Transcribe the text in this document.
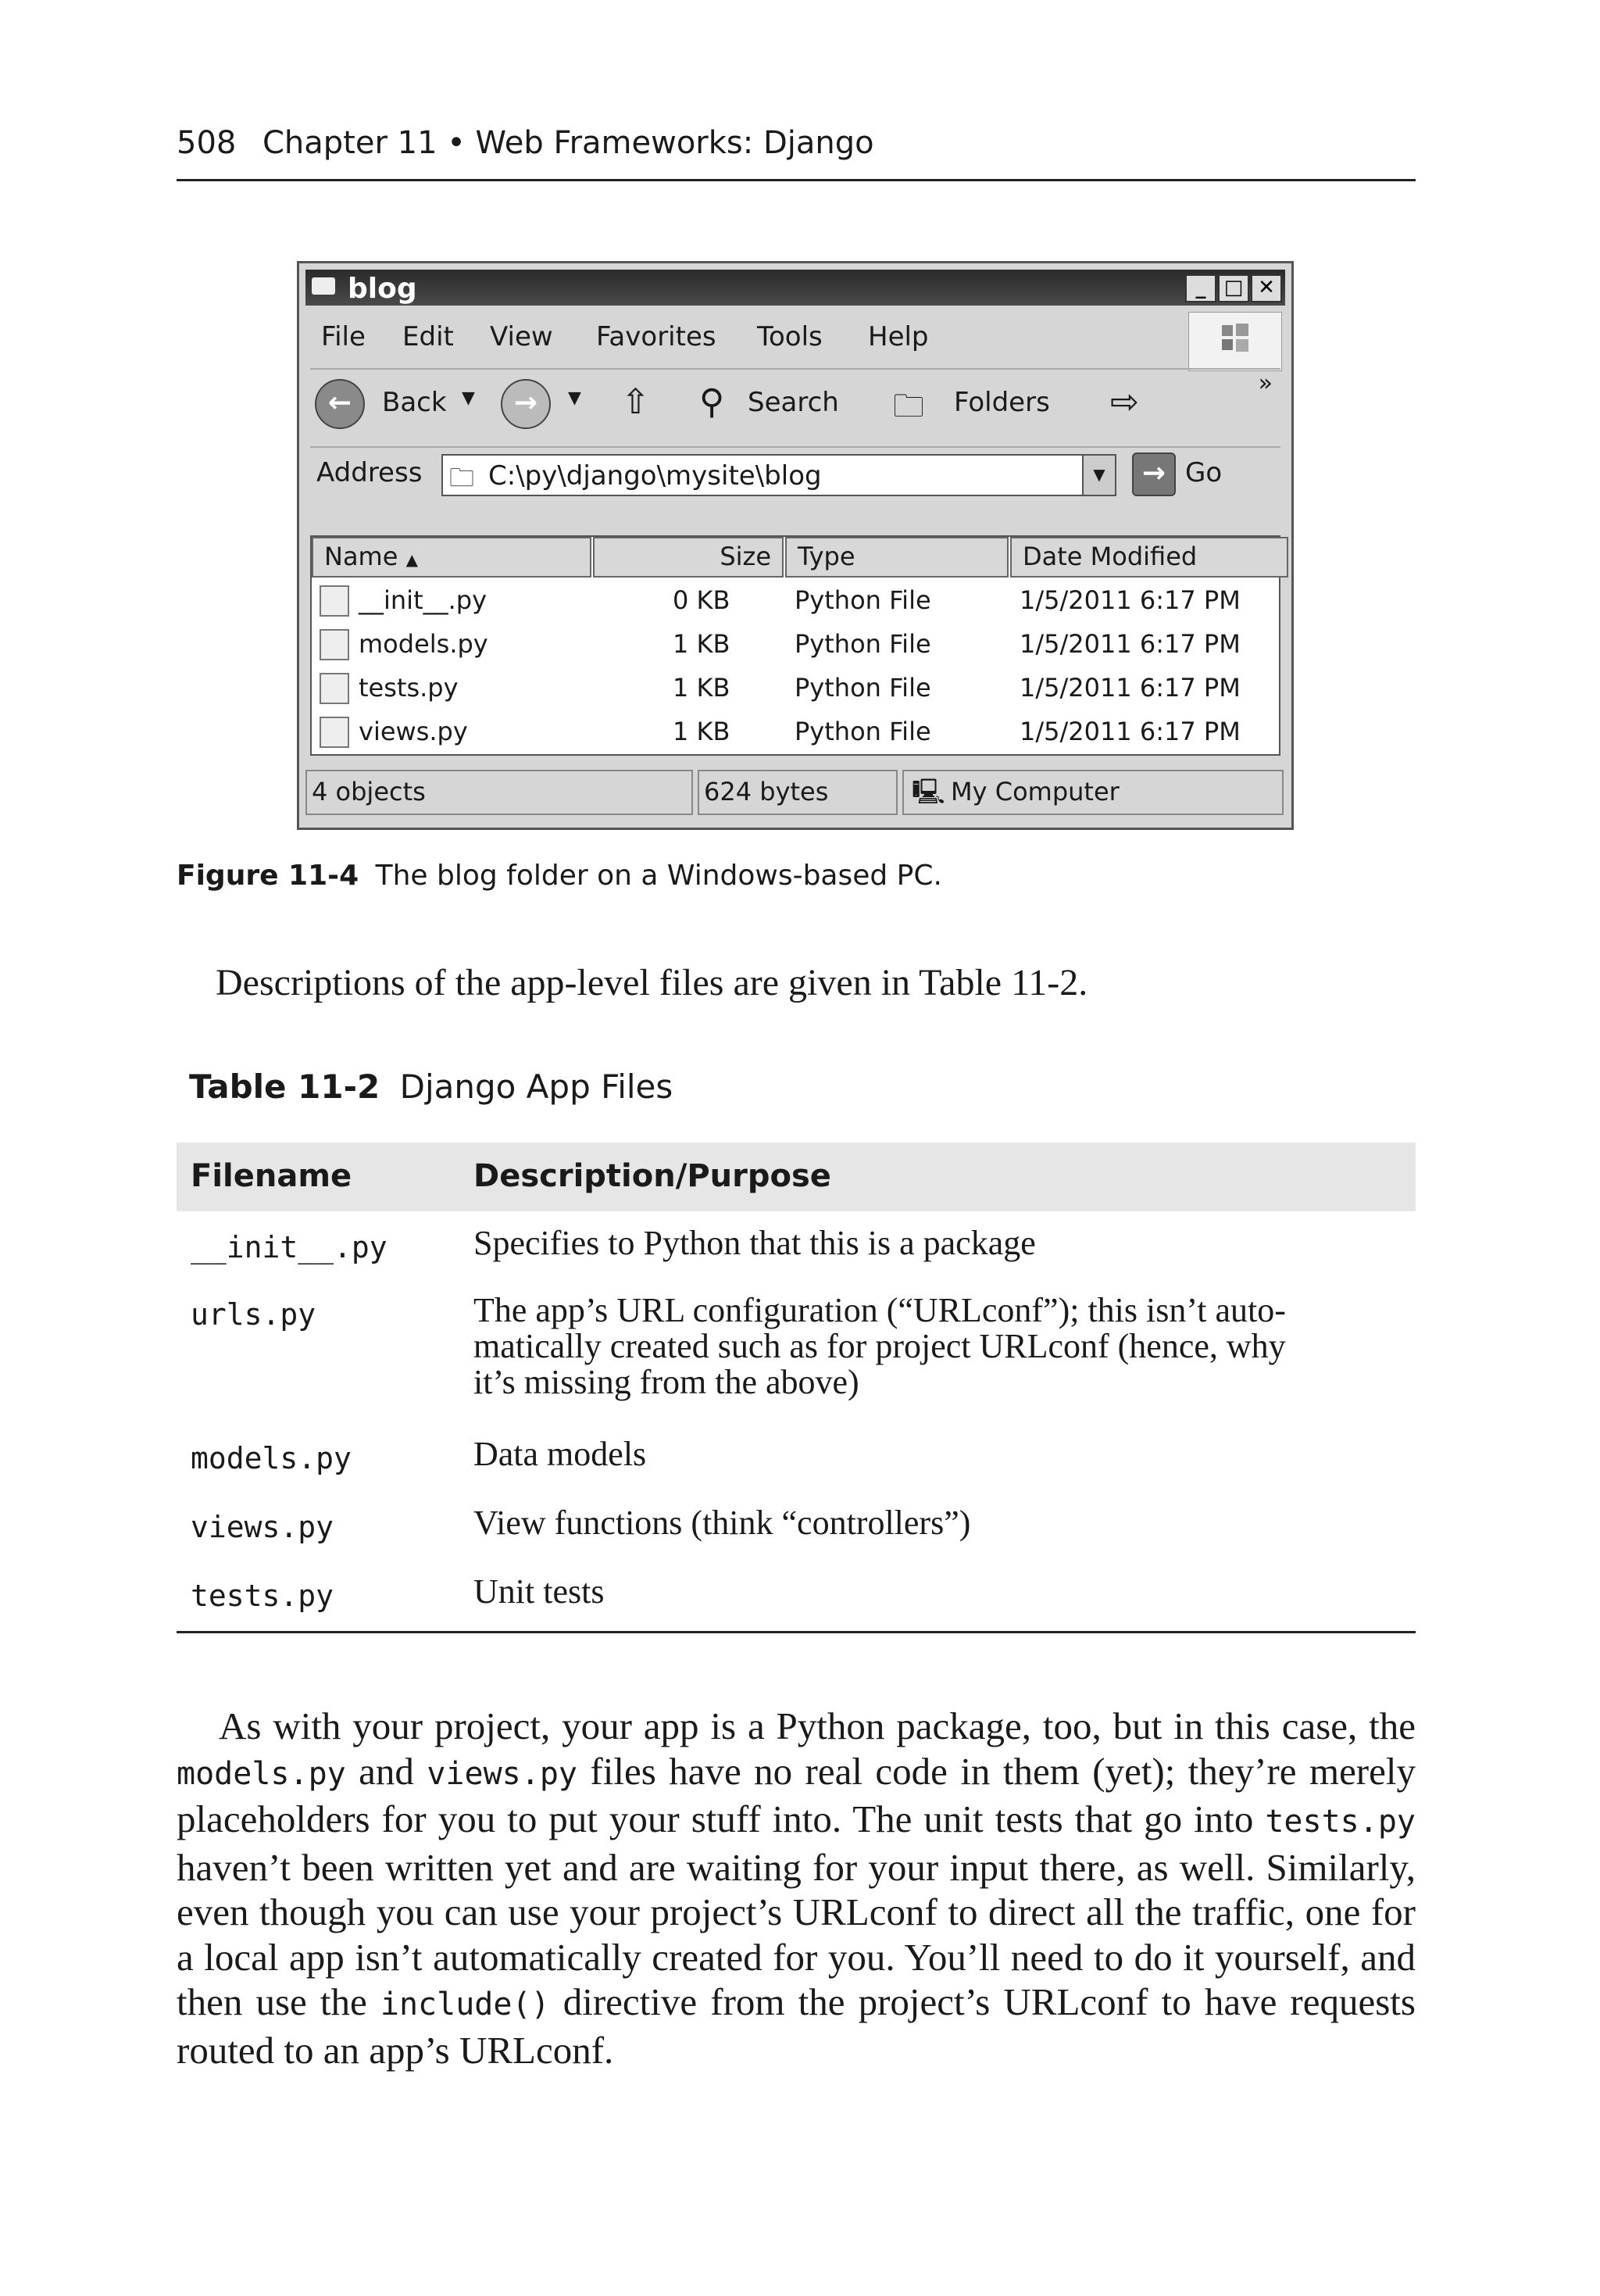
508 Chapter 11 • Web Frameworks: Django
blog	_ □ ✕
File Edit View Favorites Tools Help
←	Back ▼	→	▼ ⇧ ⚲ Search 🗀 Folders ⇨	»
Address 🗀 C:\py\django\mysite\blog	▼	→ Go
Name ▲	Size	Type	Date Modified
__init__.py	0 KB	Python File	1/5/2011 6:17 PM
models.py	1 KB	Python File	1/5/2011 6:17 PM
tests.py	1 KB	Python File	1/5/2011 6:17 PM
views.py	1 KB	Python File	1/5/2011 6:17 PM
4 objects	624 bytes	🖳 My Computer
Figure 11-4 The blog folder on a Windows-based PC.
Descriptions of the app-level files are given in Table 11-2.
Table 11-2 Django App Files
Filename	Description/Purpose
__init__.py	Specifies to Python that this is a package
urls.py	The app’s URL configuration (“URLconf”); this isn’t auto-
matically created such as for project URLconf (hence, why
it’s missing from the above)
models.py	Data models
views.py	View functions (think “controllers”)
tests.py	Unit tests

As with your project, your app is a Python package, too, but in this case, the models.py and views.py files have no real code in them (yet); they’re merely placeholders for you to put your stuff into. The unit tests that go into tests.py haven’t been written yet and are waiting for your input there, as well. Similarly, even though you can use your project’s URLconf to direct all the traffic, one for a local app isn’t automatically created for you. You’ll need to do it yourself, and then use the include() directive from the project’s URLconf to have requests routed to an app’s URLconf.
